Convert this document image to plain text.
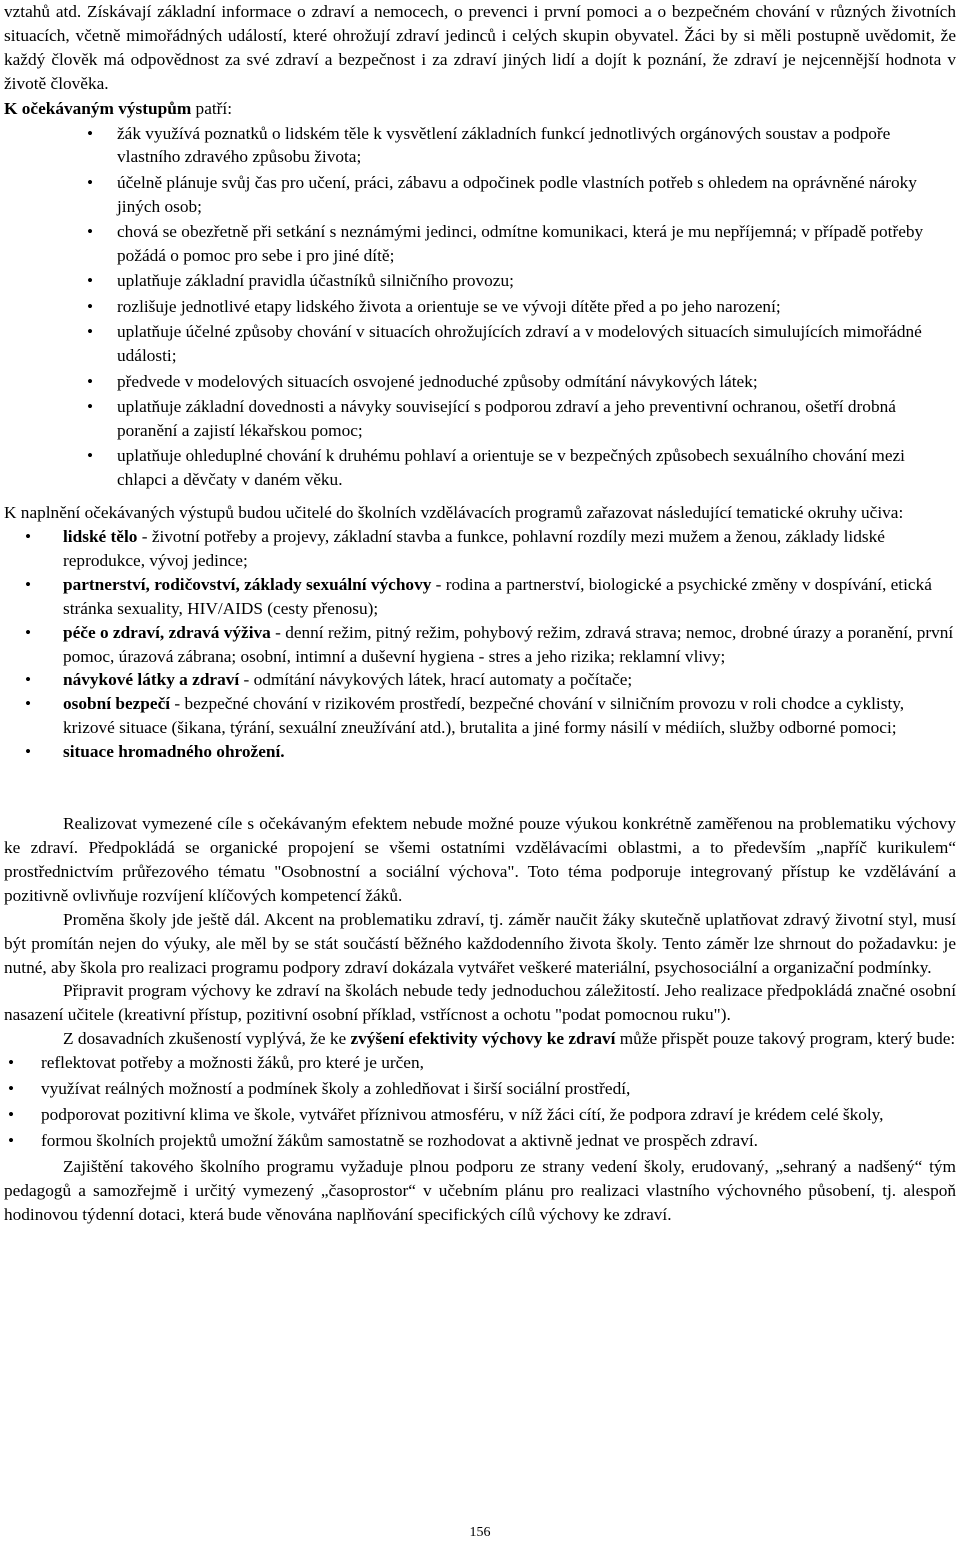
vztahů atd. Získávají základní informace o zdraví a nemocech, o prevenci i první pomoci a o bezpečném chování v různých životních situacích, včetně mimořádných událostí, které ohrožují zdraví jedinců i celých skupin obyvatel. Žáci by si měli postupně uvědomit, že každý člověk má odpovědnost za své zdraví a bezpečnost i za zdraví jiných lidí a dojít k poznání, že zdraví je nejcennější hodnota v životě člověka.

K očekávaným výstupům patří:

• žák využívá poznatků o lidském těle k vysvětlení základních funkcí jednotlivých orgánových soustav a podpoře vlastního zdravého způsobu života;
• účelně plánuje svůj čas pro učení, práci, zábavu a odpočinek podle vlastních potřeb s ohledem na oprávněné nároky jiných osob;
• chová se obezřetně při setkání s neznámými jedinci, odmítne komunikaci, která je mu nepříjemná; v případě potřeby požádá o pomoc pro sebe i pro jiné dítě;
• uplatňuje základní pravidla účastníků silničního provozu;
• rozlišuje jednotlivé etapy lidského života a orientuje se ve vývoji dítěte před a po jeho narození;
• uplatňuje účelné způsoby chování v situacích ohrožujících zdraví a v modelových situacích simulujících mimořádné události;
• předvede v modelových situacích osvojené jednoduché způsoby odmítání návykových látek;
• uplatňuje základní dovednosti a návyky související s podporou zdraví a jeho preventivní ochranou, ošetří drobná poranění a zajistí lékařskou pomoc;
• uplatňuje ohleduplné chování k druhému pohlaví a orientuje se v bezpečných způsobech sexuálního chování mezi chlapci a děvčaty v daném věku.

K naplnění očekávaných výstupů budou učitelé do školních vzdělávacích programů zařazovat následující tematické okruhy učiva:

• lidské tělo - životní potřeby a projevy, základní stavba a funkce, pohlavní rozdíly mezi mužem a ženou, základy lidské reprodukce, vývoj jedince;
• partnerství, rodičovství, základy sexuální výchovy - rodina a partnerství, biologické a psychické změny v dospívání, etická stránka sexuality, HIV/AIDS (cesty přenosu);
• péče o zdraví, zdravá výživa - denní režim, pitný režim, pohybový režim, zdravá strava; nemoc, drobné úrazy a poranění, první pomoc, úrazová zábrana; osobní, intimní a duševní hygiena - stres a jeho rizika; reklamní vlivy;
• návykové látky a zdraví - odmítání návykových látek, hrací automaty a počítače;
• osobní bezpečí - bezpečné chování v rizikovém prostředí, bezpečné chování v silničním provozu v roli chodce a cyklisty, krizové situace (šikana, týrání, sexuální zneužívání atd.), brutalita a jiné formy násilí v médiích, služby odborné pomoci;
• situace hromadného ohrožení.

Realizovat vymezené cíle s očekávaným efektem nebude možné pouze výukou konkrétně zaměřenou na problematiku výchovy ke zdraví. Předpokládá se organické propojení se všemi ostatními vzdělávacími oblastmi, a to především „napříč kurikulem“ prostřednictvím průřezového tématu "Osobnostní a sociální výchova". Toto téma podporuje integrovaný přístup ke vzdělávání a pozitivně ovlivňuje rozvíjení klíčových kompetencí žáků.

Proměna školy jde ještě dál. Akcent na problematiku zdraví, tj. záměr naučit žáky skutečně uplatňovat zdravý životní styl, musí být promítán nejen do výuky, ale měl by se stát součástí běžného každodenního života školy. Tento záměr lze shrnout do požadavku: je nutné, aby škola pro realizaci programu podpory zdraví dokázala vytvářet veškeré materiální, psychosociální a organizační podmínky.

Připravit program výchovy ke zdraví na školách nebude tedy jednoduchou záležitostí. Jeho realizace předpokládá značné osobní nasazení učitele (kreativní přístup, pozitivní osobní příklad, vstřícnost a ochotu "podat pomocnou ruku").

Z dosavadních zkušeností vyplývá, že ke zvýšení efektivity výchovy ke zdraví může přispět pouze takový program, který bude:

• reflektovat potřeby a možnosti žáků, pro které je určen,
• využívat reálných možností a podmínek školy a zohledňovat i širší sociální prostředí,
• podporovat pozitivní klima ve škole, vytvářet příznivou atmosféru, v níž žáci cítí, že podpora zdraví je krédem celé školy,
• formou školních projektů umožní žákům samostatně se rozhodovat a aktivně jednat ve prospěch zdraví.

Zajištění takového školního programu vyžaduje plnou podporu ze strany vedení školy, erudovaný, „sehraný a nadšený“ tým pedagogů a samozřejmě i určitý vymezený „časoprostor“ v učebním plánu pro realizaci vlastního výchovného působení, tj. alespoň hodinovou týdenní dotaci, která bude věnována naplňování specifických cílů výchovy ke zdraví.

156
